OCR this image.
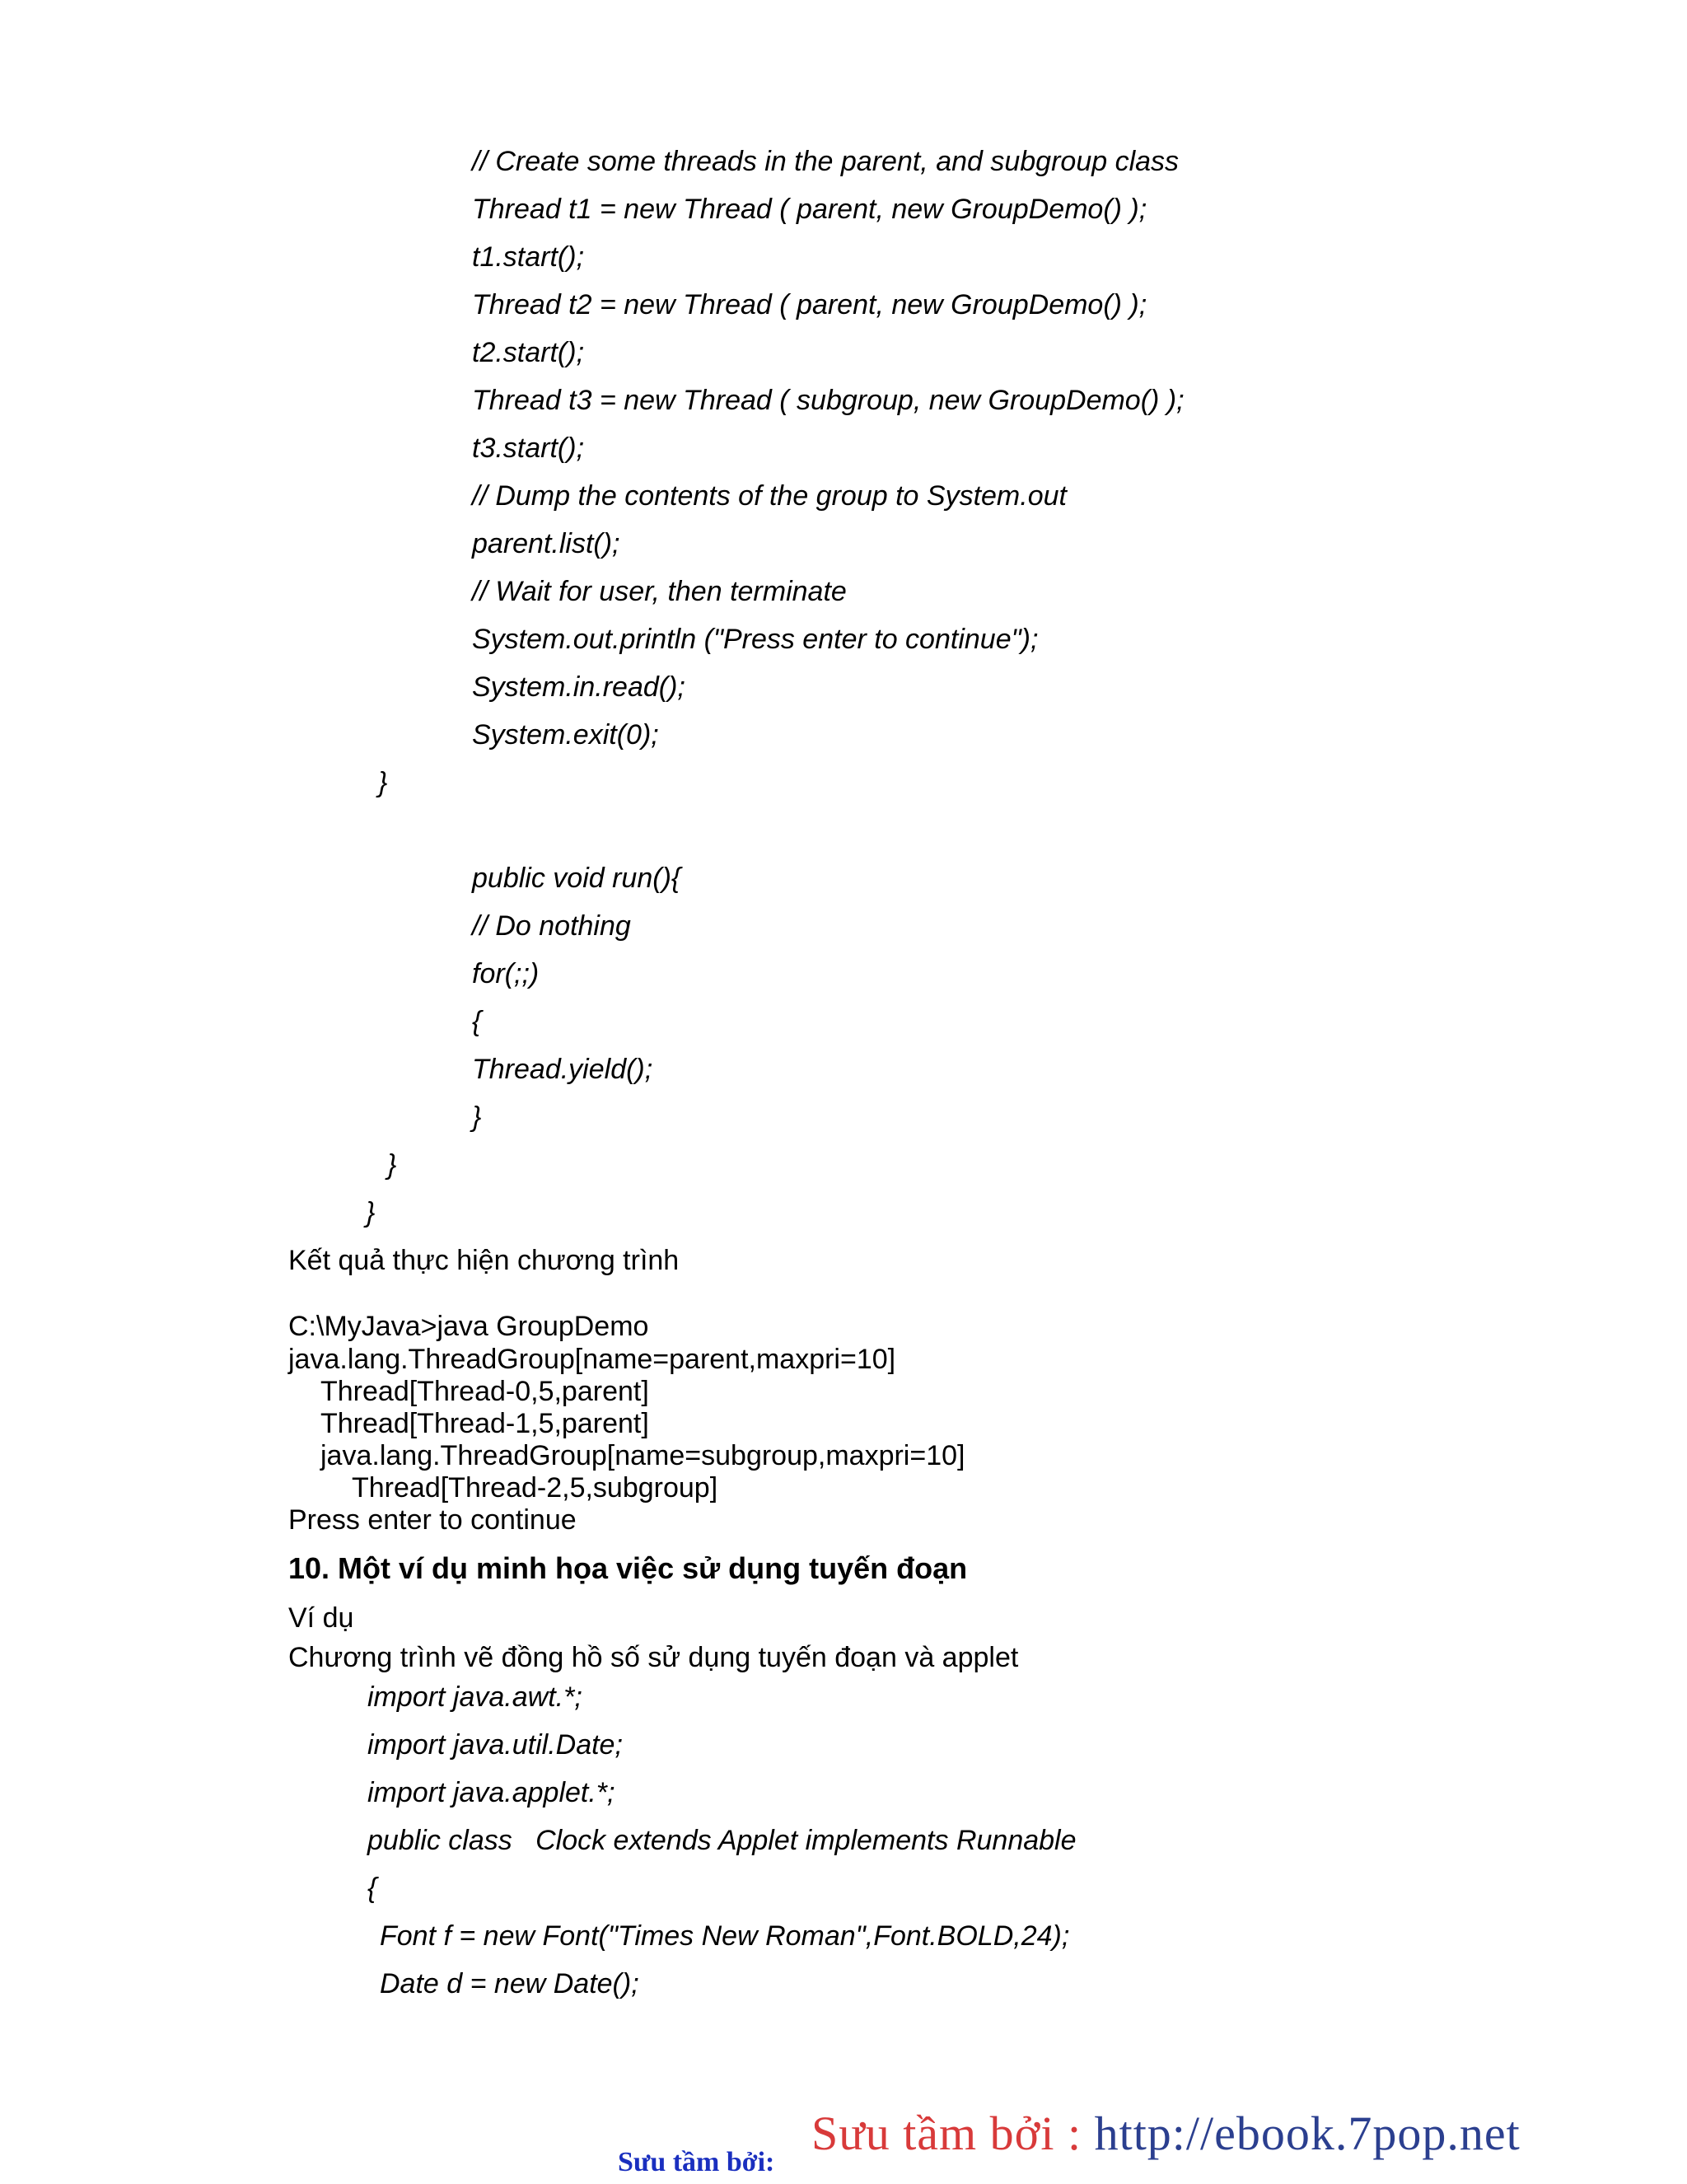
// Create some threads in the parent, and subgroup class
Thread t1 = new Thread ( parent, new GroupDemo() );
t1.start();
Thread t2 = new Thread ( parent, new GroupDemo() );
t2.start();
Thread t3 = new Thread ( subgroup, new GroupDemo() );
t3.start();
// Dump the contents of the group to System.out
parent.list();
// Wait for user, then terminate
System.out.println ("Press enter to continue");
System.in.read();
System.exit(0);
}
public void run(){
// Do nothing
for(;;)
{
Thread.yield();
}
}
}
Kết quả thực hiện chương trình
C:\MyJava>java GroupDemo
java.lang.ThreadGroup[name=parent,maxpri=10]
Thread[Thread-0,5,parent]
Thread[Thread-1,5,parent]
java.lang.ThreadGroup[name=subgroup,maxpri=10]
Thread[Thread-2,5,subgroup]
Press enter to continue
10. Một ví dụ minh họa việc sử dụng tuyến đoạn
Ví dụ
Chương trình vẽ đồng hồ số sử dụng tuyến đoạn và applet
import java.awt.*;
import java.util.Date;
import java.applet.*;
public class   Clock extends Applet implements Runnable
{
Font f = new Font("Times New Roman",Font.BOLD,24);
Date d = new Date();
Sưu tầm bởi : http://ebook.7pop.net
Sưu tầm bởi:
